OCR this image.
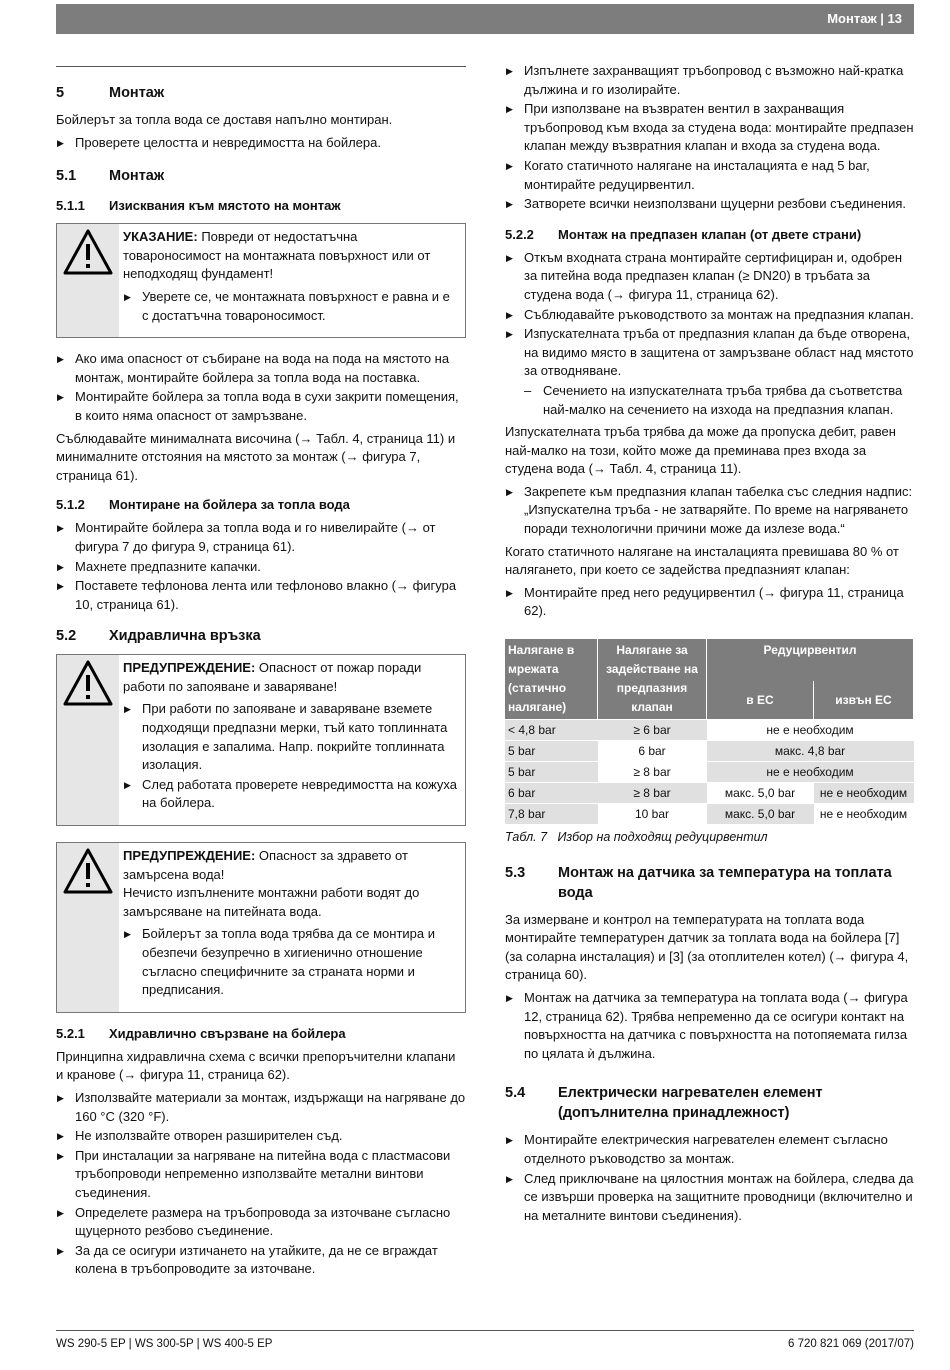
Монтаж | 13
5	Монтаж

Бойлерът за топла вода се доставя напълно монтиран.

▶ Проверете целостта и невредимостта на бойлера.
5.1	Монтаж
5.1.1	Изисквания към мястото на монтаж

УКАЗАНИЕ: Повреди от недостатъчна товароносимост на монтажната повърхност или от неподходящ фундамент!

▶ Уверете се, че монтажната повърхност е равна и е с достатъчна товароносимост.
▶ Ако има опасност от събиране на вода на пода на мястото на монтаж, монтирайте бойлера за топла вода на поставка.
▶ Монтирайте бойлера за топла вода в сухи закрити помещения, в които няма опасност от замръзване.

Съблюдавайте минималната височина (→ Табл. 4, страница 11) и минималните отстояния на мястото за монтаж (→ фигура 7, страница 61).

5.1.2	Монтиране на бойлера за топла вода
▶ Монтирайте бойлера за топла вода и го нивелирайте (→ от фигура 7 до фигура 9, страница 61).
▶ Махнете предпазните капачки.
▶ Поставете тефлонова лента или тефлоново влакно (→ фигура 10, страница 61).
5.2	Хидравлична връзка

ПРЕДУПРЕЖДЕНИЕ: Опасност от пожар поради работи по запояване и заваряване!

▶ При работи по запояване и заваряване вземете подходящи предпазни мерки, тъй като топлинната изолация е запалима. Напр. покрийте топлинната изолация.
▶ След работата проверете невредимостта на кожуха на бойлера.

ПРЕДУПРЕЖДЕНИЕ: Опасност за здравето от замърсена вода!

Нечисто изпълнените монтажни работи водят до замърсяване на питейната вода.

▶ Бойлерът за топла вода трябва да се монтира и обезпечи безупречно в хигиенично отношение съгласно специфичните за страната норми и предписания.
5.2.1	Хидравлично свързване на бойлера

Принципна хидравлична схема с всички препоръчителни клапани и кранове (→ фигура 11, страница 62).

▶ Използвайте материали за монтаж, издържащи на нагряване до 160 °C (320 °F).
▶ Не използвайте отворен разширителен съд.
▶ При инсталации за нагряване на питейна вода с пластмасови тръбопроводи непременно използвайте метални винтови съединения.
▶ Определете размера на тръбопровода за източване съгласно щуцерното резбово съединение.
▶ За да се осигури изтичането на утайките, да не се вграждат колена в тръбопроводите за източване.
▶ Изпълнете захранващият тръбопровод с възможно най-кратка дължина и го изолирайте.
▶ При използване на възвратен вентил в захранващия тръбопровод към входа за студена вода: монтирайте предпазен клапан между възвратния клапан и входа за студена вода.
▶ Когато статичното налягане на инсталацията е над 5 bar, монтирайте редуцирвентил.
▶ Затворете всички неизползвани щуцерни резбови съединения.
5.2.2	Монтаж на предпазен клапан (от двете страни)
▶ Откъм входната страна монтирайте сертифициран и, одобрен за питейна вода предпазен клапан (≥ DN20) в тръбата за студена вода (→ фигура 11, страница 62).
▶ Съблюдавайте ръководството за монтаж на предпазния клапан.
▶ Изпускателната тръба от предпазния клапан да бъде отворена, на видимо място в защитена от замръзване област над мястото за отводняване.
– Сечението на изпускателната тръба трябва да съответства най-малко на сечението на изхода на предпазния клапан.

Изпускателната тръба трябва да може да пропуска дебит, равен най-малко на този, който може да преминава през входа за студена вода (→ Табл. 4, страница 11).

▶ Закрепете към предпазния клапан табелка със следния надпис: „Изпускателна тръба - не затваряйте. По време на нагряването поради технологични причини може да излезе вода.“

Когато статичното налягане на инсталацията превишава 80 % от налягането, при което се задейства предпазният клапан:

▶ Монтирайте пред него редуцирвентил (→ фигура 11, страница 62).
Налягане в мрежата (статично налягане)	Налягане за задействане на предпазния клапан	Редуцирвентил	
		в ЕС	извън ЕС
< 4,8 bar	≥ 6 bar	не е необходим	
5 bar	6 bar	макс. 4,8 bar	
5 bar	≥ 8 bar	не е необходим	
6 bar	≥ 8 bar	макс. 5,0 bar	не е необходим
7,8 bar	10 bar	макс. 5,0 bar	не е необходим

Табл. 7 Избор на подходящ редуцирвентил

5.3	Монтаж на датчика за температура на топлата вода

За измерване и контрол на температурата на топлата вода монтирайте температурен датчик за топлата вода на бойлера [7] (за соларна инсталация) и [3] (за отоплителен котел) (→ фигура 4, страница 60).

▶ Монтаж на датчика за температура на топлата вода (→ фигура 12, страница 62). Трябва непременно да се осигури контакт на повърхността на датчика с повърхността на потопяемата гилза по цялата ѝ дължина.
5.4	Електрически нагревателен елемент (допълнителна принадлежност)
▶ Монтирайте електрическия нагревателен елемент съгласно отделното ръководство за монтаж.
▶ След приключване на цялостния монтаж на бойлера, следва да се извърши проверка на защитните проводници (включително и на металните винтови съединения).
WS 290-5 EP | WS 300-5P | WS 400-5 EP	6 720 821 069 (2017/07)
